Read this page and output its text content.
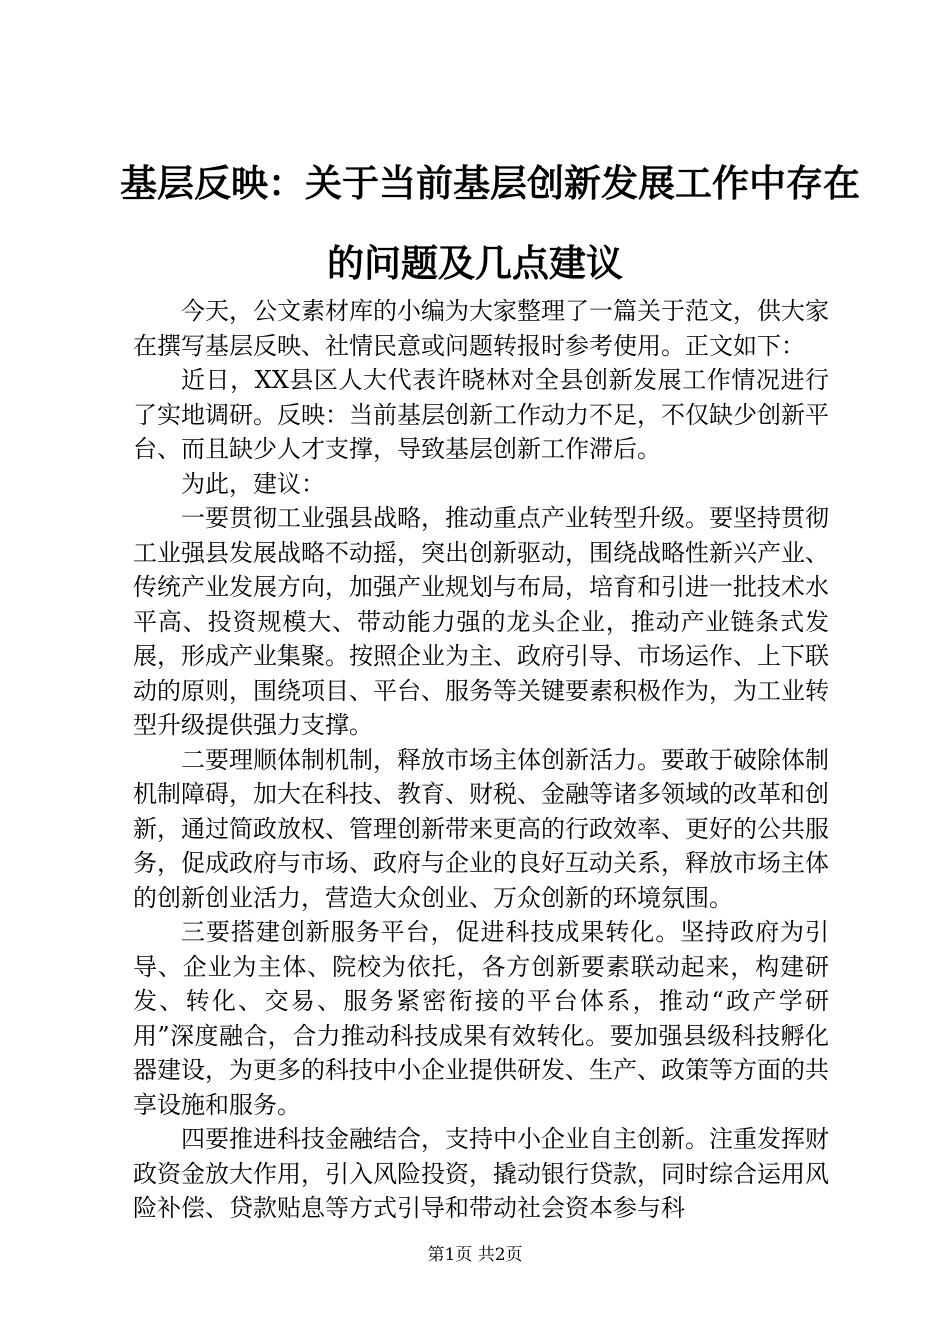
基层反映：关于当前基层创新发展工作中存在
的问题及几点建议

今天，公文素材库的小编为大家整理了一篇关于范文，供大家在撰写基层反映、社情民意或问题转报时参考使用。正文如下：

近日，XX县区人大代表许晓林对全县创新发展工作情况进行了实地调研。反映：当前基层创新工作动力不足，不仅缺少创新平台、而且缺少人才支撑，导致基层创新工作滞后。

为此，建议：

一要贯彻工业强县战略，推动重点产业转型升级。要坚持贯彻工业强县发展战略不动摇，突出创新驱动，围绕战略性新兴产业、传统产业发展方向，加强产业规划与布局，培育和引进一批技术水平高、投资规模大、带动能力强的龙头企业，推动产业链条式发展，形成产业集聚。按照企业为主、政府引导、市场运作、上下联动的原则，围绕项目、平台、服务等关键要素积极作为，为工业转型升级提供强力支撑。

二要理顺体制机制，释放市场主体创新活力。要敢于破除体制机制障碍，加大在科技、教育、财税、金融等诸多领域的改革和创新，通过简政放权、管理创新带来更高的行政效率、更好的公共服务，促成政府与市场、政府与企业的良好互动关系，释放市场主体的创新创业活力，营造大众创业、万众创新的环境氛围。

三要搭建创新服务平台，促进科技成果转化。坚持政府为引导、企业为主体、院校为依托，各方创新要素联动起来，构建研发、转化、交易、服务紧密衔接的平台体系，推动“政产学研用”深度融合，合力推动科技成果有效转化。要加强县级科技孵化器建设，为更多的科技中小企业提供研发、生产、政策等方面的共享设施和服务。

四要推进科技金融结合，支持中小企业自主创新。注重发挥财政资金放大作用，引入风险投资，撬动银行贷款，同时综合运用风险补偿、贷款贴息等方式引导和带动社会资本参与科

第1页 共2页
